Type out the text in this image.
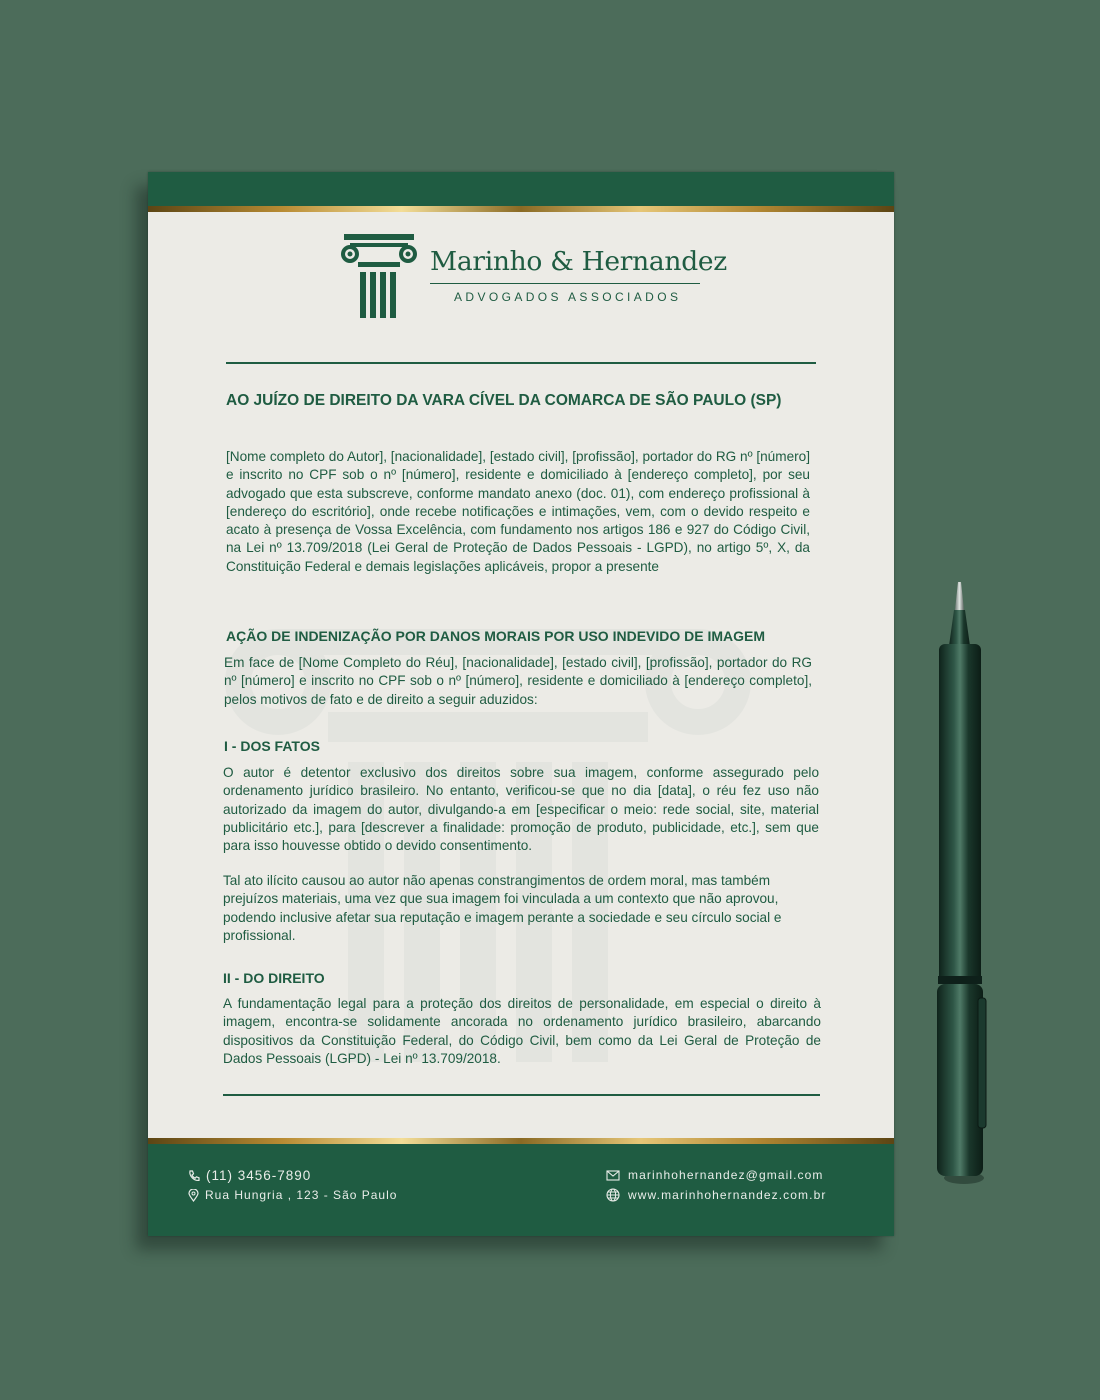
Marinho & Hernandez
ADVOGADOS ASSOCIADOS
AO JUÍZO DE DIREITO DA VARA CÍVEL DA COMARCA DE SÃO PAULO (SP)

[Nome completo do Autor], [nacionalidade], [estado civil], [profissão], portador do RG nº [número] e inscrito no CPF sob o nº [número], residente e domiciliado à [endereço completo], por seu advogado que esta subscreve, conforme mandato anexo (doc. 01), com endereço profissional à [endereço do escritório], onde recebe notificações e intimações, vem, com o devido respeito e acato à presença de Vossa Excelência, com fundamento nos artigos 186 e 927 do Código Civil, na Lei nº 13.709/2018 (Lei Geral de Proteção de Dados Pessoais - LGPD), no artigo 5º, X, da Constituição Federal e demais legislações aplicáveis, propor a presente

AÇÃO DE INDENIZAÇÃO POR DANOS MORAIS POR USO INDEVIDO DE IMAGEM

Em face de [Nome Completo do Réu], [nacionalidade], [estado civil], [profissão], portador do RG nº [número] e inscrito no CPF sob o nº [número], residente e domiciliado à [endereço completo], pelos motivos de fato e de direito a seguir aduzidos:

I - DOS FATOS

O autor é detentor exclusivo dos direitos sobre sua imagem, conforme assegurado pelo ordenamento jurídico brasileiro. No entanto, verificou-se que no dia [data], o réu fez uso não autorizado da imagem do autor, divulgando-a em [especificar o meio: rede social, site, material publicitário etc.], para [descrever a finalidade: promoção de produto, publicidade, etc.], sem que para isso houvesse obtido o devido consentimento.

Tal ato ilícito causou ao autor não apenas constrangimentos de ordem moral, mas também prejuízos materiais, uma vez que sua imagem foi vinculada a um contexto que não aprovou, podendo inclusive afetar sua reputação e imagem perante a sociedade e seu círculo social e profissional.

II - DO DIREITO

A fundamentação legal para a proteção dos direitos de personalidade, em especial o direito à imagem, encontra-se solidamente ancorada no ordenamento jurídico brasileiro, abarcando dispositivos da Constituição Federal, do Código Civil, bem como da Lei Geral de Proteção de Dados Pessoais (LGPD) - Lei nº 13.709/2018.

(11) 3456-7890
Rua Hungria , 123 - São Paulo
marinhohernandez@gmail.com
www.marinhohernandez.com.br
